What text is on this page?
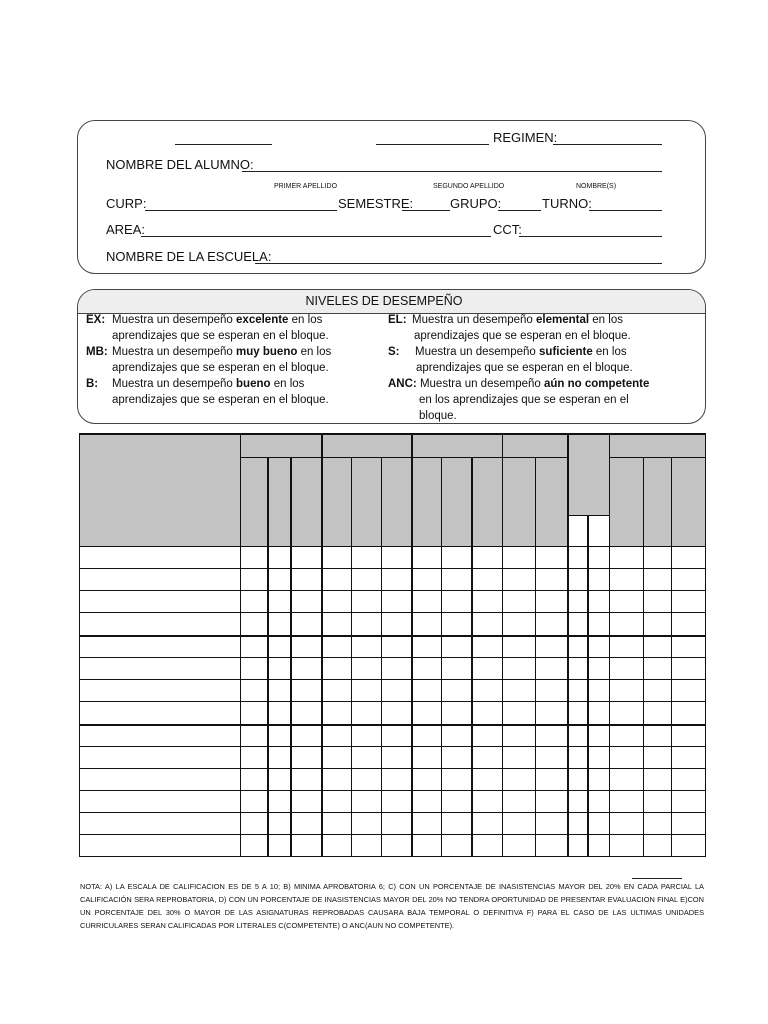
REGIMEN:
NOMBRE DEL ALUMNO:
PRIMER APELLIDO	SEGUNDO APELLIDO	NOMBRE(S)
CURP:	SEMESTRE:	GRUPO:	TURNO:
AREA:	CCT:
NOMBRE DE LA ESCUELA:
NIVELES DE DESEMPEÑO
EX: Muestra un desempeño excelente en los
aprendizajes que se esperan en el bloque.
MB: Muestra un desempeño muy bueno en los
aprendizajes que se esperan en el bloque.
B: Muestra un desempeño bueno en los
aprendizajes que se esperan en el bloque.
EL: Muestra un desempeño elemental en los
aprendizajes que se esperan en el bloque.
S: Muestra un desempeño suficiente en los
aprendizajes que se esperan en el bloque.
ANC: Muestra un desempeño aún no competente
en los aprendizajes que se esperan en el
bloque.
NOTA: A) LA ESCALA DE CALIFICACION ES DE 5 A 10; B) MINIMA APROBATORIA 6; C) CON UN PORCENTAJE DE INASISTENCIAS MAYOR DEL 20% EN CADA PARCIAL LA CALIFICACIÓN SERA REPROBATORIA, D) CON UN PORCENTAJE DE INASISTENCIAS MAYOR DEL 20% NO TENDRA OPORTUNIDAD DE PRESENTAR EVALUACION FINAL E)CON UN PORCENTAJE DEL 30% O MAYOR DE LAS ASIGNATURAS REPROBADAS CAUSARA BAJA TEMPORAL O DEFINITIVA F) PARA EL CASO DE LAS ULTIMAS UNIDADES CURRICULARES SERAN CALIFICADAS POR LITERALES C(COMPETENTE) O ANC(AUN NO COMPETENTE).
